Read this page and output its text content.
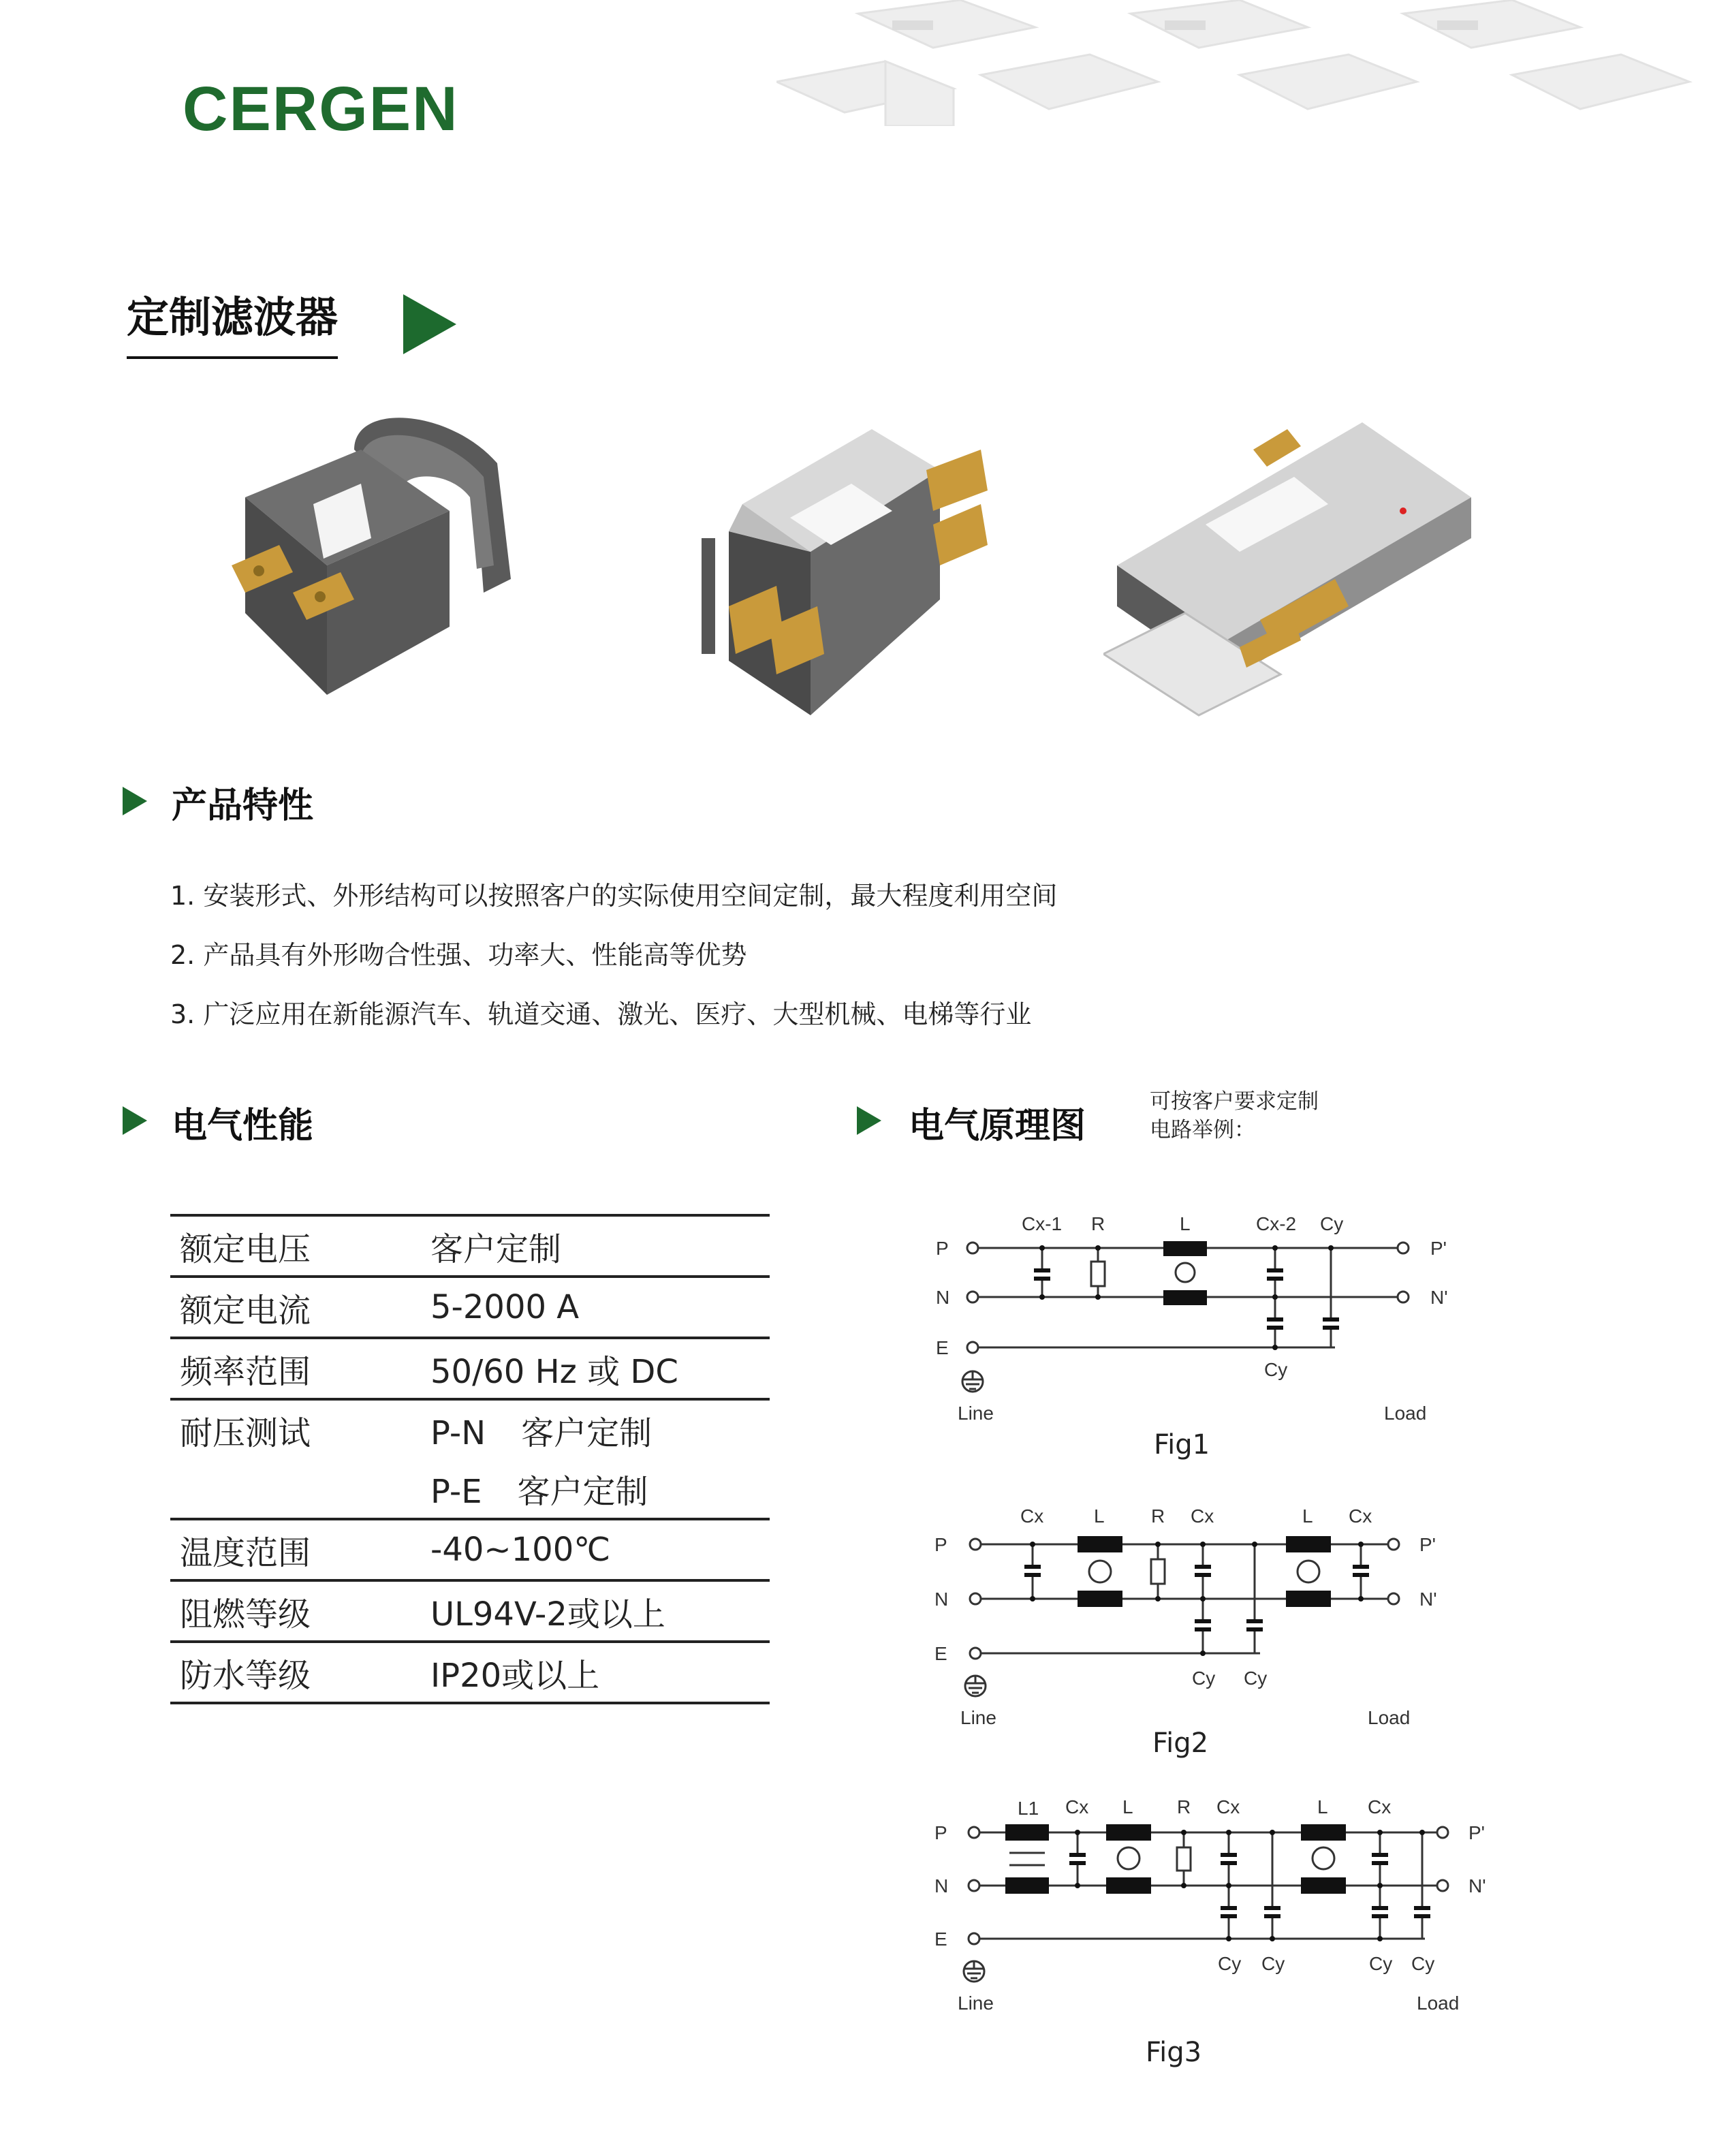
CERGEN
定制滤波器
产品特性
1. 安装形式、外形结构可以按照客户的实际使用空间定制，最大程度利用空间
2. 产品具有外形吻合性强、功率大、性能高等优势
3. 广泛应用在新能源汽车、轨道交通、激光、医疗、大型机械、电梯等行业
电气性能
额定电压	客户定制
额定电流	5-2000 A
频率范围	50/60 Hz 或 DC
耐压测试	P-N 客户定制
	P-E 客户定制
温度范围	-40~100℃
阻燃等级	UL94V-2或以上
防水等级	IP20或以上
电气原理图
可按客户要求定制
电路举例：
P
N
E
P'
N'
Cx-1 R	L	Cx-2 Cy
Cy
Line	Load
Fig1
P
N
E
P'
N'
Cx	L R Cx	L Cx
Cy Cy
Line	Load
Fig2
P
N
E
P'
N'
L1 Cx L R Cx	L Cx
Cy Cy	Cy Cy
Line	Load
Fig3
